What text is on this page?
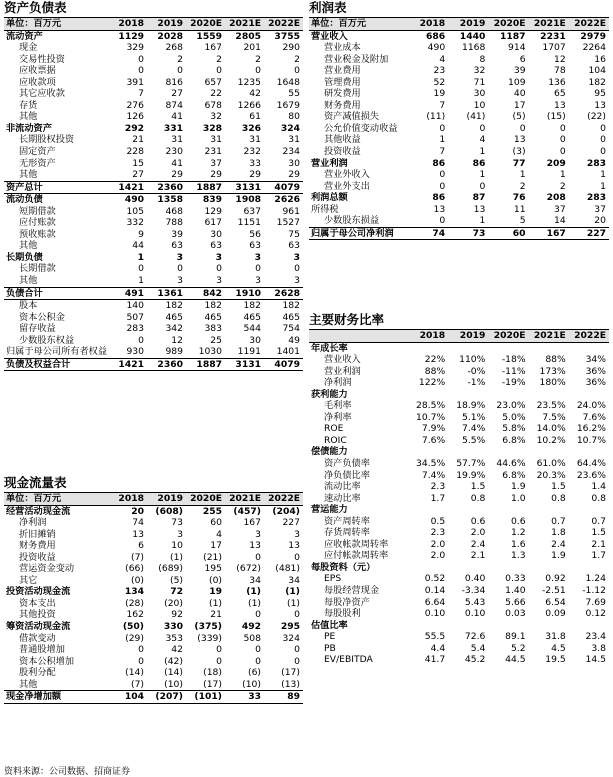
资产负债表
单位：百万元	2018	2019	2020E	2021E	2022E
流动资产	1129	2028	1559	2805	3755
现金	329	268	167	201	290
交易性投资	0	2	2	2	2
应收票据	0	0	0	0	0
应收款项	391	816	657	1235	1648
其它应收款	7	27	22	42	55
存货	276	874	678	1266	1679
其他	126	41	32	61	80
非流动资产	292	331	328	326	324
长期股权投资	21	31	31	31	31
固定资产	228	230	231	232	234
无形资产	15	41	37	33	30
其他	27	29	29	29	29
资产总计	1421	2360	1887	3131	4079
流动负债	490	1358	839	1908	2626
短期借款	105	468	129	637	961
应付账款	332	788	617	1151	1527
预收账款	9	39	30	56	75
其他	44	63	63	63	63
长期负债	1	3	3	3	3
长期借款	0	0	0	0	0
其他	1	3	3	3	3
负债合计	491	1361	842	1910	2628
股本	140	182	182	182	182
资本公积金	507	465	465	465	465
留存收益	283	342	383	544	754
少数股东权益	0	12	25	30	49
归属于母公司所有者权益	930	989	1030	1191	1401
负债及权益合计	1421	2360	1887	3131	4079
现金流量表
单位：百万元	2018	2019	2020E	2021E	2022E
经营活动现金流	20	(608)	255	(457)	(204)
净利润	74	73	60	167	227
折旧摊销	13	3	4	3	3
财务费用	6	10	17	13	13
投资收益	(7)	(1)	(21)	0	0
营运资金变动	(66)	(689)	195	(672)	(481)
其它	(0)	(5)	(0)	34	34
投资活动现金流	134	72	19	(1)	(1)
资本支出	(28)	(20)	(1)	(1)	(1)
其他投资	162	92	21	0	0
筹资活动现金流	(50)	330	(375)	492	295
借款变动	(29)	353	(339)	508	324
普通股增加	0	42	0	0	0
资本公积增加	0	(42)	0	0	0
股利分配	(14)	(14)	(18)	(6)	(17)
其他	(7)	(10)	(17)	(10)	(13)
现金净增加额	104	(207)	(101)	33	89
利润表
单位：百万元	2018	2019	2020E	2021E	2022E
营业收入	686	1440	1187	2231	2979
营业成本	490	1168	914	1707	2264
营业税金及附加	4	8	6	12	16
营业费用	23	32	39	78	104
管理费用	52	71	109	136	182
研发费用	19	30	40	65	95
财务费用	7	10	17	13	13
资产减值损失	(11)	(41)	(5)	(15)	(22)
公允价值变动收益	0	0	0	0	0
其他收益	1	4	13	0	0
投资收益	7	1	(3)	0	0
营业利润	86	86	77	209	283
营业外收入	0	1	1	1	1
营业外支出	0	0	2	2	1
利润总额	86	87	76	208	283
所得税	13	13	11	37	37
少数股东损益	0	1	5	14	20
归属于母公司净利润	74	73	60	167	227
主要财务比率
	2018	2019	2020E	2021E	2022E
年成长率					
营业收入	22%	110%	-18%	88%	34%
营业利润	88%	-0%	-11%	173%	36%
净利润	122%	-1%	-19%	180%	36%
获利能力					
毛利率	28.5%	18.9%	23.0%	23.5%	24.0%
净利率	10.7%	5.1%	5.0%	7.5%	7.6%
ROE	7.9%	7.4%	5.8%	14.0%	16.2%
ROIC	7.6%	5.5%	6.8%	10.2%	10.7%
偿债能力					
资产负债率	34.5%	57.7%	44.6%	61.0%	64.4%
净负债比率	7.4%	19.9%	6.8%	20.3%	23.6%
流动比率	2.3	1.5	1.9	1.5	1.4
速动比率	1.7	0.8	1.0	0.8	0.8
营运能力					
资产周转率	0.5	0.6	0.6	0.7	0.7
存货周转率	2.3	2.0	1.2	1.8	1.5
应收帐款周转率	2.0	2.4	1.6	2.4	2.1
应付帐款周转率	2.0	2.1	1.3	1.9	1.7
每股资料（元）					
EPS	0.52	0.40	0.33	0.92	1.24
每股经营现金	0.14	-3.34	1.40	-2.51	-1.12
每股净资产	6.64	5.43	5.66	6.54	7.69
每股股利	0.10	0.10	0.03	0.09	0.12
估值比率					
PE	55.5	72.6	89.1	31.8	23.4
PB	4.4	5.4	5.2	4.5	3.8
EV/EBITDA	41.7	45.2	44.5	19.5	14.5
资料来源：公司数据、招商证券
